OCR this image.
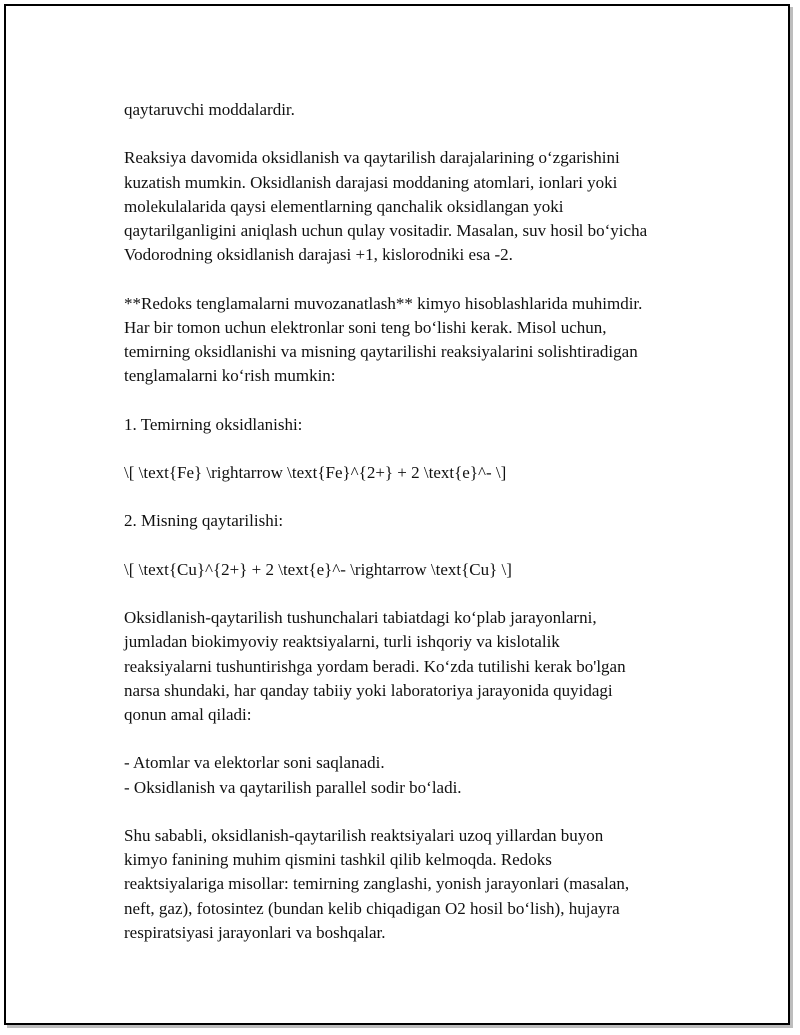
qaytaruvchi moddalardir.

Reaksiya davomida oksidlanish va qaytarilish darajalarining o‘zgarishini
kuzatish mumkin. Oksidlanish darajasi moddaning atomlari, ionlari yoki
molekulalarida qaysi elementlarning qanchalik oksidlangan yoki
qaytarilganligini aniqlash uchun qulay vositadir. Masalan, suv hosil bo‘yicha
Vodorodning oksidlanish darajasi +1, kislorodniki esa -2.

**Redoks tenglamalarni muvozanatlash** kimyo hisoblashlarida muhimdir.
Har bir tomon uchun elektronlar soni teng bo‘lishi kerak. Misol uchun,
temirning oksidlanishi va misning qaytarilishi reaksiyalarini solishtiradigan
tenglamalarni ko‘rish mumkin:

1. Temirning oksidlanishi:

\[ \text{Fe} \rightarrow \text{Fe}^{2+} + 2 \text{e}^- \]

2. Misning qaytarilishi:

\[ \text{Cu}^{2+} + 2 \text{e}^- \rightarrow \text{Cu} \]

Oksidlanish-qaytarilish tushunchalari tabiatdagi ko‘plab jarayonlarni,
jumladan biokimyoviy reaktsiyalarni, turli ishqoriy va kislotalik
reaksiyalarni tushuntirishga yordam beradi. Ko‘zda tutilishi kerak bo'lgan
narsa shundaki, har qanday tabiiy yoki laboratoriya jarayonida quyidagi
qonun amal qiladi:

- Atomlar va elektorlar soni saqlanadi.
- Oksidlanish va qaytarilish parallel sodir bo‘ladi.

Shu sababli, oksidlanish-qaytarilish reaktsiyalari uzoq yillardan buyon
kimyo fanining muhim qismini tashkil qilib kelmoqda. Redoks
reaktsiyalariga misollar: temirning zanglashi, yonish jarayonlari (masalan,
neft, gaz), fotosintez (bundan kelib chiqadigan O2 hosil bo‘lish), hujayra
respiratsiyasi jarayonlari va boshqalar.
